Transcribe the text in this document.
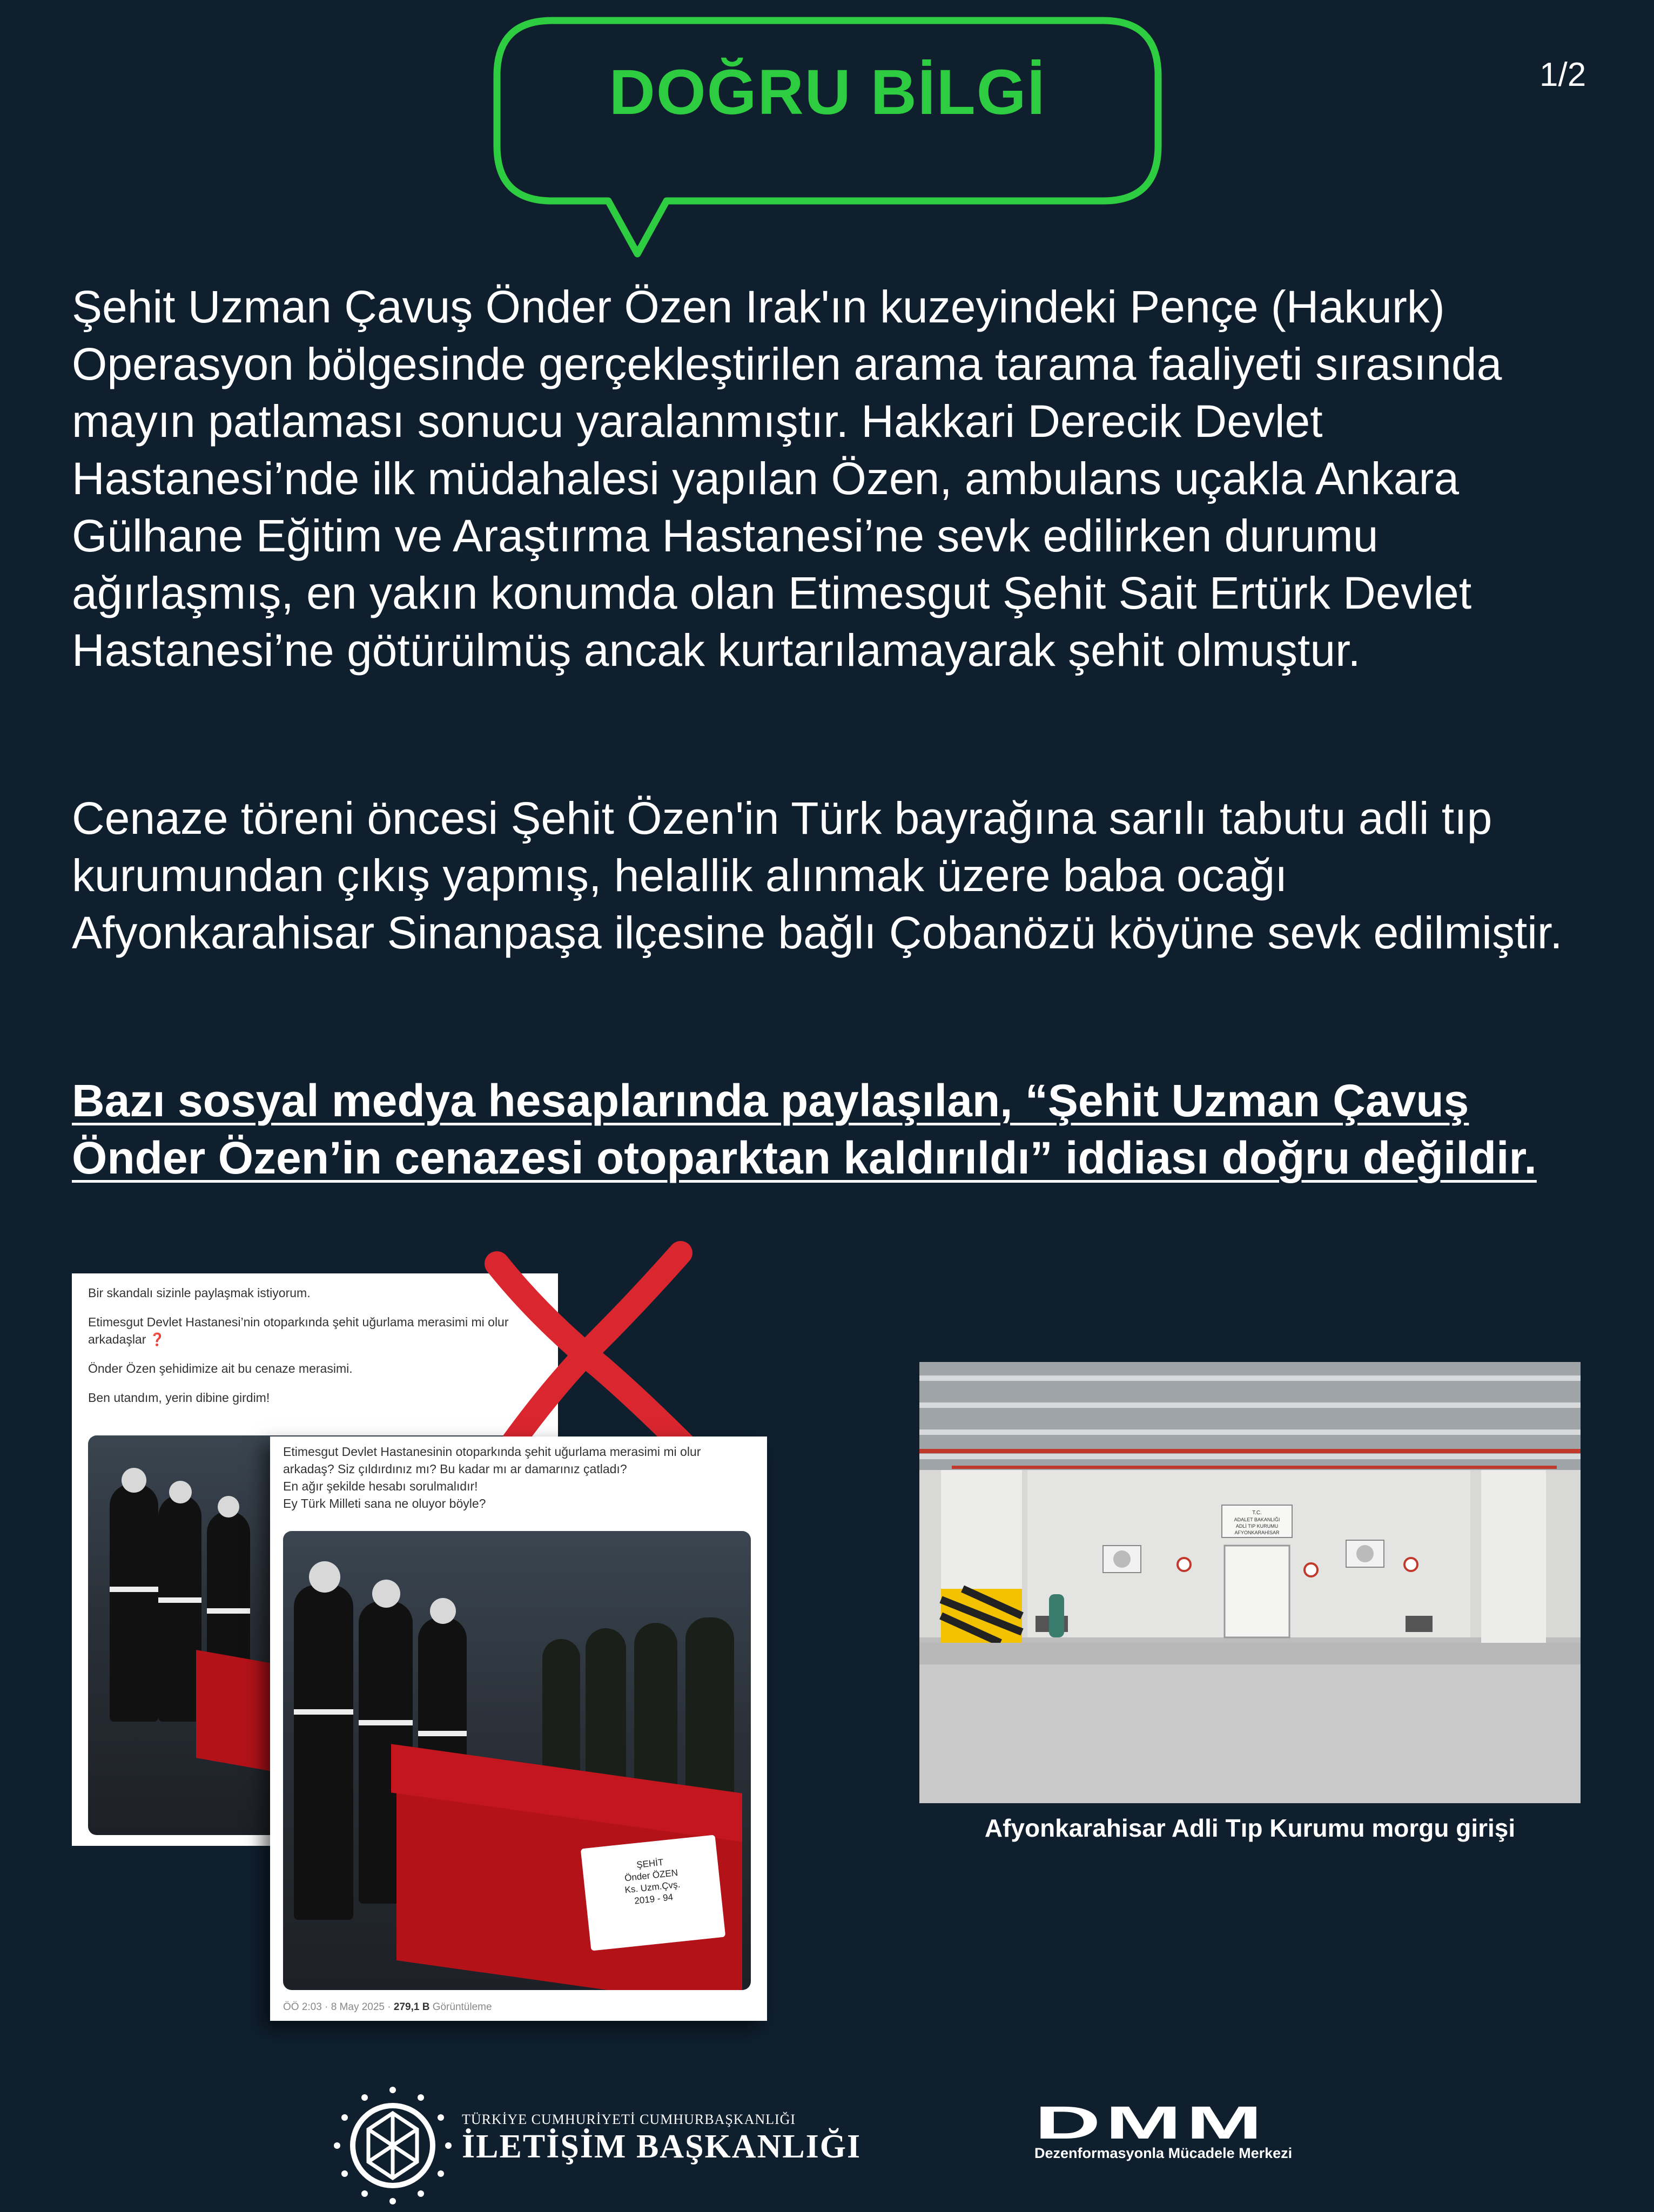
DOĞRU BİLGİ	1/2
Şehit Uzman Çavuş Önder Özen Irak'ın kuzeyindeki Pençe (Hakurk) Operasyon bölgesinde gerçekleştirilen arama tarama faaliyeti sırasında mayın patlaması sonucu yaralanmıştır. Hakkari Derecik Devlet Hastanesi’nde ilk müdahalesi yapılan Özen, ambulans uçakla Ankara Gülhane Eğitim ve Araştırma Hastanesi’ne sevk edilirken durumu ağırlaşmış, en yakın konumda olan Etimesgut Şehit Sait Ertürk Devlet Hastanesi’ne götürülmüş ancak kurtarılamayarak şehit olmuştur.
Cenaze töreni öncesi Şehit Özen'in Türk bayrağına sarılı tabutu adli tıp kurumundan çıkış yapmış, helallik alınmak üzere baba ocağı Afyonkarahisar Sinanpaşa ilçesine bağlı Çobanözü köyüne sevk edilmiştir.
Bazı sosyal medya hesaplarında paylaşılan, “Şehit Uzman Çavuş Önder Özen’in cenazesi otoparktan kaldırıldı” iddiası doğru değildir.
Bir skandalı sizinle paylaşmak istiyorum.
Etimesgut Devlet Hastanesi’nin otoparkında şehit uğurlama merasimi mi olur arkadaşlar ❓
Önder Özen şehidimize ait bu cenaze merasimi.
Ben utandım, yerin dibine girdim!
Etimesgut Devlet Hastanesinin otoparkında şehit uğurlama merasimi mi olur arkadaş? Siz çıldırdınız mı? Bu kadar mı ar damarınız çatladı?
En ağır şekilde hesabı sorulmalıdır!
Ey Türk Milleti sana ne oluyor böyle?
ŞEHİT
Önder ÖZEN
Ks. Uzm.Çvş.
2019 - 94
ÖÖ 2:03 · 8 May 2025 · 279,1 B Görüntüleme
T.C.
ADALET BAKANLIĞI
ADLİ TIP KURUMU
AFYONKARAHİSAR
Afyonkarahisar Adli Tıp Kurumu morgu girişi
TÜRKİYE CUMHURİYETİ CUMHURBAŞKANLIĞI
İLETİŞİM BAŞKANLIĞI	DMM
Dezenformasyonla Mücadele Merkezi
